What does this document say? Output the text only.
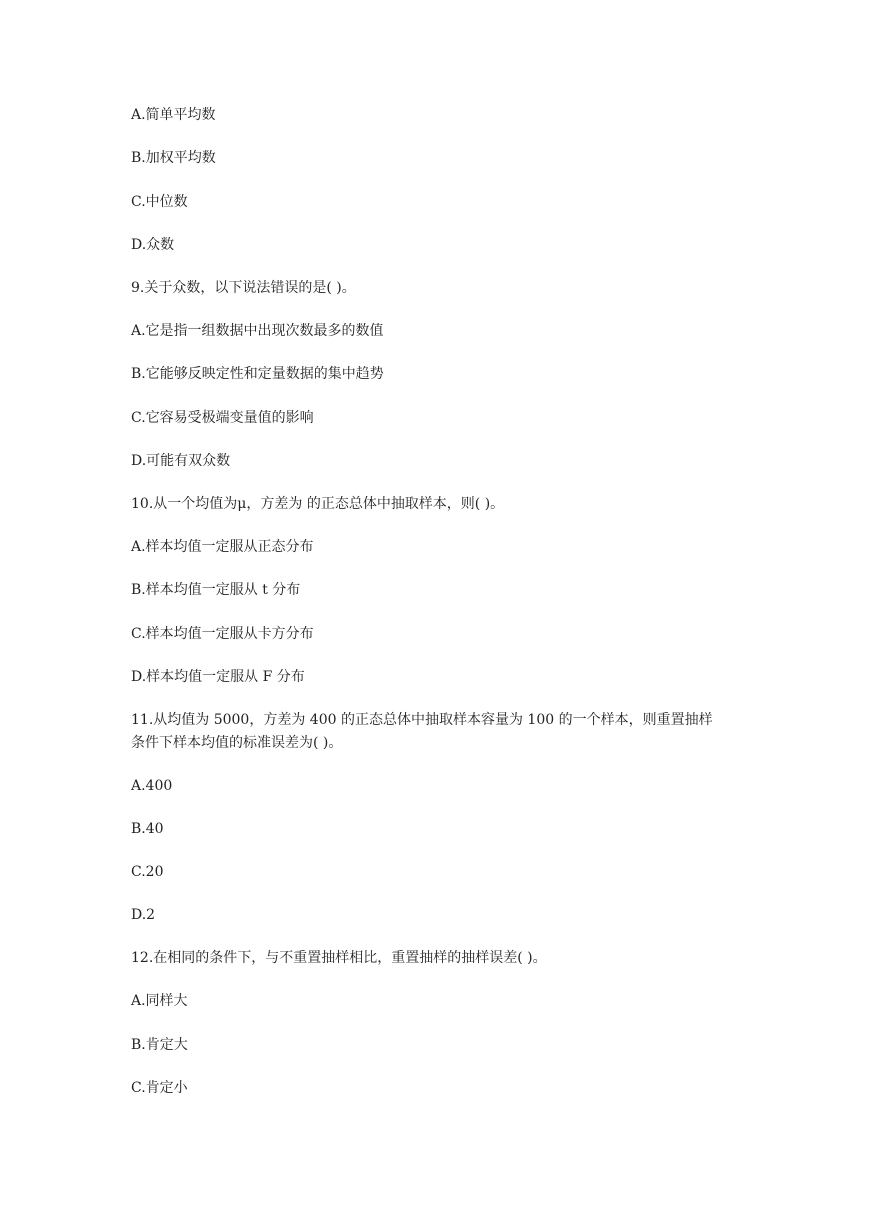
A.简单平均数
B.加权平均数
C.中位数
D.众数
9.关于众数，以下说法错误的是( )。
A.它是指一组数据中出现次数最多的数值
B.它能够反映定性和定量数据的集中趋势
C.它容易受极端变量值的影响
D.可能有双众数
10.从一个均值为μ，方差为 的正态总体中抽取样本，则( )。
A.样本均值一定服从正态分布
B.样本均值一定服从 t 分布
C.样本均值一定服从卡方分布
D.样本均值一定服从 F 分布
11.从均值为 5000，方差为 400 的正态总体中抽取样本容量为 100 的一个样本，则重置抽样
条件下样本均值的标准误差为( )。
A.400
B.40
C.20
D.2
12.在相同的条件下，与不重置抽样相比，重置抽样的抽样误差( )。
A.同样大
B.肯定大
C.肯定小
